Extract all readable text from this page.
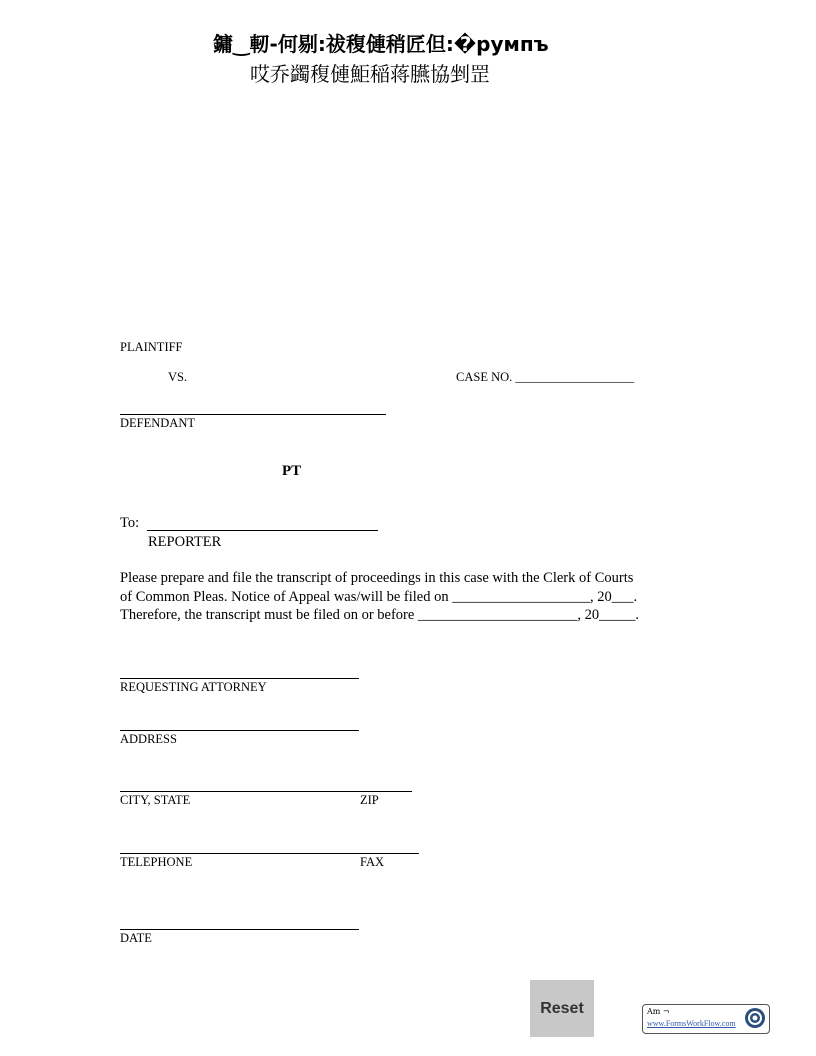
鏞‿軔-何剔:祓稪僆稍匠但:�румпъ
哎乔蠲稪僆鮔稲蒋臙協剉罡
PLAINTIFF
VS.	CASE NO. ___________________
DEFENDANT
PT
To:
REPORTER
Please prepare and file the transcript of proceedings in this case with the Clerk of Courts
of Common Pleas. Notice of Appeal was/will be filed on ___________________, 20___.
Therefore, the transcript must be filed on or before ______________________, 20_____.
REQUESTING ATTORNEY
ADDRESS
CITY, STATE	ZIP
TELEPHONE	FAX
DATE
Reset	Am ¬
www.FormsWorkFlow.com
